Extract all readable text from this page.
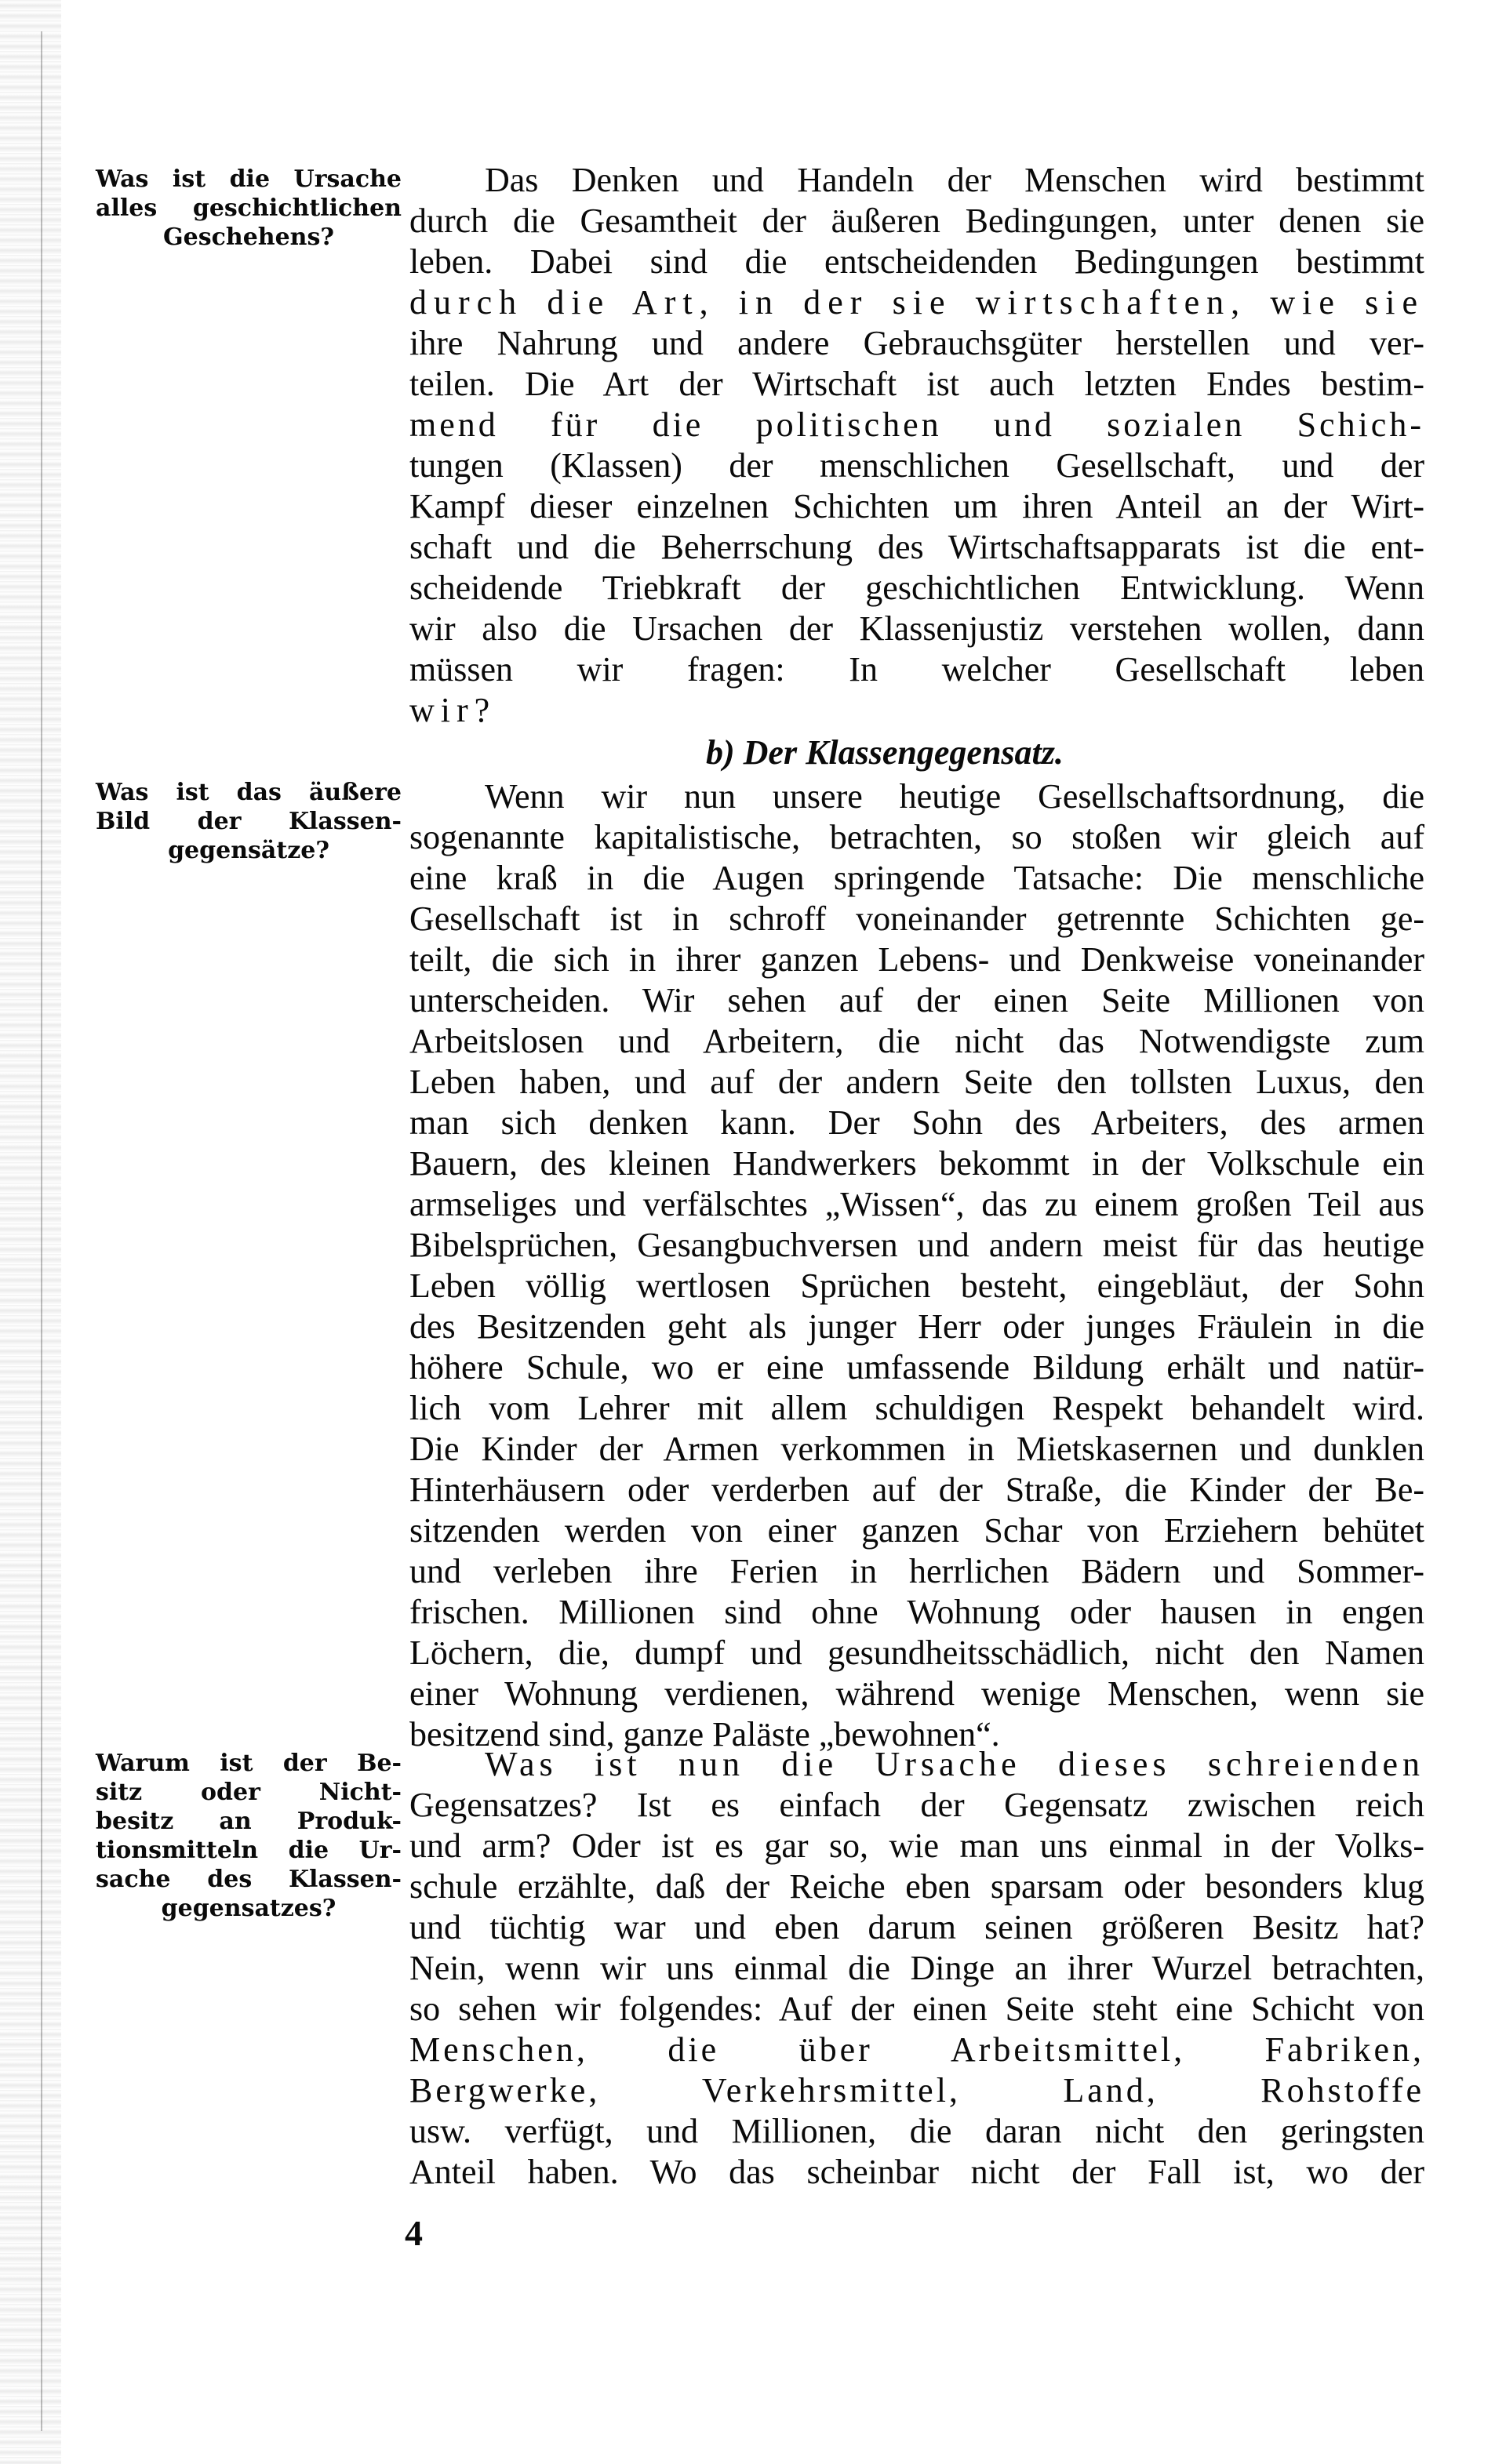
Was ist die Ursache
alles geschichtlichen
Geschehens?
Das Denken und Handeln der Menschen wird bestimmt
durch die Gesamtheit der äußeren Bedingungen, unter denen sie
leben. Dabei sind die entscheidenden Bedingungen bestimmt
durch die Art, in der sie wirtschaften, wie sie
ihre Nahrung und andere Gebrauchsgüter herstellen und ver-
teilen. Die Art der Wirtschaft ist auch letzten Endes bestim-
mend für die politischen und sozialen Schich-
tungen (Klassen) der menschlichen Gesellschaft, und der
Kampf dieser einzelnen Schichten um ihren Anteil an der Wirt-
schaft und die Beherrschung des Wirtschaftsapparats ist die ent-
scheidende Triebkraft der geschichtlichen Entwicklung. Wenn
wir also die Ursachen der Klassenjustiz verstehen wollen, dann
müssen wir fragen: In welcher Gesellschaft leben
wir?
b) Der Klassengegensatz.
Was ist das äußere
Bild der Klassen-
gegensätze?
Wenn wir nun unsere heutige Gesellschaftsordnung, die
sogenannte kapitalistische, betrachten, so stoßen wir gleich auf
eine kraß in die Augen springende Tatsache: Die menschliche
Gesellschaft ist in schroff voneinander getrennte Schichten ge-
teilt, die sich in ihrer ganzen Lebens- und Denkweise voneinander
unterscheiden. Wir sehen auf der einen Seite Millionen von
Arbeitslosen und Arbeitern, die nicht das Notwendigste zum
Leben haben, und auf der andern Seite den tollsten Luxus, den
man sich denken kann. Der Sohn des Arbeiters, des armen
Bauern, des kleinen Handwerkers bekommt in der Volkschule ein
armseliges und verfälschtes „Wissen“, das zu einem großen Teil aus
Bibelsprüchen, Gesangbuchversen und andern meist für das heutige
Leben völlig wertlosen Sprüchen besteht, eingebläut, der Sohn
des Besitzenden geht als junger Herr oder junges Fräulein in die
höhere Schule, wo er eine umfassende Bildung erhält und natür-
lich vom Lehrer mit allem schuldigen Respekt behandelt wird.
Die Kinder der Armen verkommen in Mietskasernen und dunklen
Hinterhäusern oder verderben auf der Straße, die Kinder der Be-
sitzenden werden von einer ganzen Schar von Erziehern behütet
und verleben ihre Ferien in herrlichen Bädern und Sommer-
frischen. Millionen sind ohne Wohnung oder hausen in engen
Löchern, die, dumpf und gesundheitsschädlich, nicht den Namen
einer Wohnung verdienen, während wenige Menschen, wenn sie
besitzend sind, ganze Paläste „bewohnen“.
Warum ist der Be-
sitz oder Nicht-
besitz an Produk-
tionsmitteln die Ur-
sache des Klassen-
gegensatzes?
Was ist nun die Ursache dieses schreienden
Gegensatzes? Ist es einfach der Gegensatz zwischen reich
und arm? Oder ist es gar so, wie man uns einmal in der Volks-
schule erzählte, daß der Reiche eben sparsam oder besonders klug
und tüchtig war und eben darum seinen größeren Besitz hat?
Nein, wenn wir uns einmal die Dinge an ihrer Wurzel betrachten,
so sehen wir folgendes: Auf der einen Seite steht eine Schicht von
Menschen, die über Arbeitsmittel, Fabriken,
Bergwerke, Verkehrsmittel, Land, Rohstoffe
usw. verfügt, und Millionen, die daran nicht den geringsten
Anteil haben. Wo das scheinbar nicht der Fall ist, wo der
4
